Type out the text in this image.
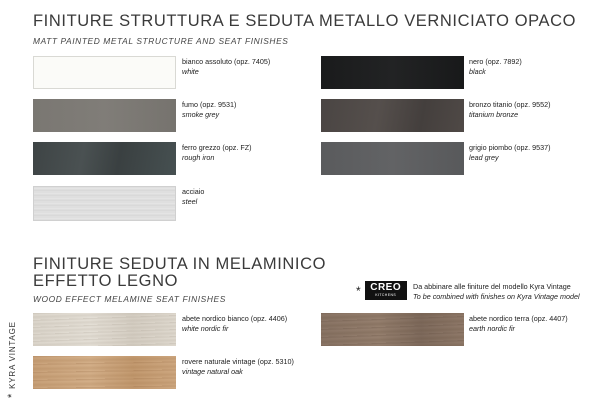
FINITURE STRUTTURA E SEDUTA METALLO VERNICIATO OPACO
MATT PAINTED METAL STRUCTURE AND SEAT FINISHES
bianco assoluto (opz. 7405)
white
fumo (opz. 9531)
smoke grey
ferro grezzo (opz. FZ)
rough iron
acciaio
steel
nero (opz. 7892)
black
bronzo titanio (opz. 9552)
titanium bronze
grigio piombo (opz. 9537)
lead grey
FINITURE SEDUTA IN MELAMINICO
EFFETTO LEGNO
WOOD EFFECT MELAMINE SEAT FINISHES
abete nordico bianco (opz. 4406)
white nordic fir
rovere naturale vintage (opz. 5310)
vintage natural oak
abete nordico terra (opz. 4407)
earth nordic fir
*KYRA VINTAGE
* CREO
KITCHENS
Da abbinare alle finiture del modello Kyra Vintage
To be combined with finishes on Kyra Vintage model
